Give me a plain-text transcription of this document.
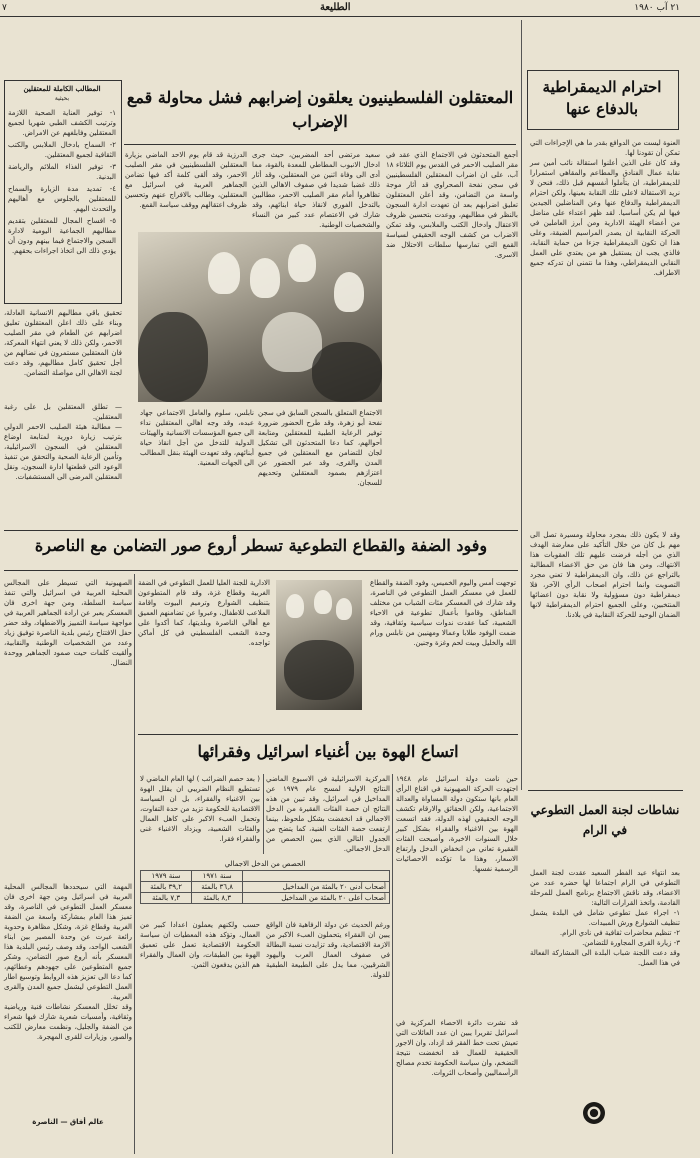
٢١ آب ١٩٨٠
الطليعة
٧
احترام الديمقراطية بالدفاع عنها
العنوة ليست من الدوافع بقدر ما هي الإجراءات التي تمكن أن تقودنا لها.
وقد كان على الذين أعلنوا استقالة نائب أمين سر نقابة عمال الفنادق والمطاعم والمقاهي استمرارا للديمقراطية، ان يتأملوا أنفسهم قبل ذلك، فنحن لا نريد الاستقالة لاعلى تلك النقابة بعينها، ولكن احترام الديمقراطية والدفاع عنها وعن المناضلين الجيدين فيها لم يكن أساسيا. لقد ظهر اعتداء على مناضل من أعضاء الهيئة الادارية ومن أبرز العاملين في الحركة النقابية ان يصدر المراسيم الضيقة، وعلى هذا ان تكون الديمقراطية جزءا من حماية النقابة، فالذي يجب ان يستقيل هو من يعتدي على العمل النقابي الديمقراطي، وهذا ما نتمنى ان تدركه جميع الاطراف.
وقد لا يكون ذلك بمجرد محاولة ومسيرة تصل الى مهم بل كان من خلال التأكيد على معارضة الهدف الذي من أجله فرضت عليهم تلك العقوبات هذا الانتهاك، ومن هنا فان من حق الاعضاء المطالبة بالتراجع عن ذلك، وان الديمقراطية لا تعني مجرد التصويت وانما احترام اصحاب الرأي الآخر، فلا ديمقراطية دون مسؤولية ولا نقابة دون اعضائها المنتخبين، وعلى الجميع احترام الديمقراطية لانها الضمان الوحيد للحركة النقابية في بلادنا.
نشاطات لجنة العمل التطوعي في الرام
بعد انتهاء عيد الفطر السعيد عقدت لجنة العمل التطوعي في الرام اجتماعا لها حضره عدد من الاعضاء، وقد ناقش الاجتماع برنامج العمل للمرحلة القادمة، واتخذ القرارات التالية:
١- اجراء عمل تطوعي شامل في البلدة يشمل تنظيف الشوارع ورش المبيدات.
٢- تنظيم محاضرات ثقافية في نادي الرام.
٣- زيارة القرى المجاورة للتضامن.
وقد دعت اللجنة شباب البلدة الى المشاركة الفعالة في هذا العمل.
المعتقلون الفلسطينيون يعلقون إضرابهم فشل محاولة قمع الإضراب
المطالب الكاملة للمعتقلين
بحيثية
١- توفير العناية الصحية اللازمة وترتيب الكشف الطبي شهريا لجميع المعتقلين وفابلغهم عن الامراض.
٢- السماح بادخال الملابس والكتب الثقافية لجميع المعتقلين.
٣- توفير الغذاء الملائم والرياضة البدنية.
٤- تمديد مدة الزيارة والسماح للمعتقلين بالجلوس مع أهاليهم والتحدث اليهم.
٥- افساح المجال للمعتقلين بتقديم مطالبهم الجماعية اليومية لادارة السجن والاجتماع فيما بينهم ودون أن يؤدي ذلك الى اتخاذ اجراءات بحقهم.
أجمع المتحدثون في الاجتماع الذي عقد في مقر الصليب الاحمر في القدس يوم الثلاثاء ١٨ آب، على ان اضراب المعتقلين الفلسطينيين في سجن نفحة الصحراوي قد أثار موجة واسعة من التضامن، وقد أعلن المعتقلون تعليق اضرابهم بعد ان تعهدت ادارة السجون بالنظر في مطالبهم، ووعدت بتحسين ظروف الاعتقال وادخال الكتب والملابس، وقد تمكن الاضراب من كشف الوجه الحقيقي لسياسة القمع التي تمارسها سلطات الاحتلال ضد الاسرى.
سعيد مرتضى أحد المضربين، حيث جرى ادخال الانبوب المطاطي للمعدة بالقوة، مما أدى الى وفاة اثنين من المعتقلين، وقد أثار ذلك غضبا شديدا في صفوف الاهالي الذين تظاهروا أمام مقر الصليب الاحمر، مطالبين بالتدخل الفوري لانقاذ حياة ابنائهم، وقد شارك في الاعتصام عدد كبير من النساء والشخصيات الوطنية.
الدرزية قد قام يوم الاحد الماضي بزيارة المعتقلين الفلسطينيين في مقر الصليب الاحمر، وقد ألقى كلمة أكد فيها تضامن الجماهير العربية في اسرائيل مع المعتقلين، وطالب بالافراج عنهم وتحسين ظروف اعتقالهم ووقف سياسة القمع.
الاجتماع المتعلق بالسجن السابق في سجن نفحة أبو زهرة، وقد طرح الحضور ضرورة توفير الرعاية الطبية للمعتقلين ومتابعة أحوالهم، كما دعا المتحدثون الى تشكيل لجان للتضامن مع المعتقلين في جميع المدن والقرى، وقد عبر الحضور عن اعتزازهم بصمود المعتقلين وتحديهم للسجان.
نابلس، سلوم والعامل الاجتماعي جهاد عبده، وقد وجه اهالي المعتقلين نداء الى جميع المؤسسات الانسانية والهيئات الدولية للتدخل من أجل انقاذ حياة أبنائهم، وقد تعهدت الهيئة بنقل المطالب الى الجهات المعنية.
تحقيق باقي مطالبهم الانسانية العادلة، وبناء على ذلك اعلن المعتقلون تعليق اضرابهم عن الطعام في مقر الصليب الاحمر، ولكن ذلك لا يعني انتهاء المعركة، فان المعتقلين مستمرون في نضالهم من أجل تحقيق كامل مطالبهم، وقد دعت لجنة الاهالي الى مواصلة التضامن.
— تطلق المعتقلين بل على رغبة المعتقلين.
— مطالبة هيئة الصليب الاحمر الدولي بترتيب زيارة دورية لمتابعة اوضاع المعتقلين في السجون الاسرائيلية، وتأمين الرعاية الصحية والتحقق من تنفيذ الوعود التي قطعتها ادارة السجون، ونقل المعتقلين المرضى الى المستشفيات.
وفود الضفة والقطاع التطوعية تسطر أروع صور التضامن مع الناصرة
توجهت أمس واليوم الخميس، وفود الضفة والقطاع للعمل في معسكر العمل التطوعي في الناصرة، وقد شارك في المعسكر مئات الشباب من مختلف المناطق، وقاموا بأعمال تطوعية في الاحياء الشعبية، كما عقدت ندوات سياسية وثقافية، وقد ضمت الوفود طلابا وعمالا ومهنيين من نابلس ورام الله والخليل وبيت لحم وغزة وجنين.
الادارية للجنة العليا للعمل التطوعي في الضفة الغربية وقطاع غزة، وقد قام المتطوعون بتنظيف الشوارع وترميم البيوت واقامة الملاعب للاطفال، وعبروا عن تضامنهم العميق مع أهالي الناصرة وبلديتها، كما أكدوا على وحدة الشعب الفلسطيني في كل أماكن تواجده.
الصهيونية التي تسيطر على المجالس المحلية العربية في اسرائيل والتي تنفذ سياسة السلطة، ومن جهة اخرى فان المعسكر يعبر عن ارادة الجماهير العربية في مواجهة سياسة التمييز والاضطهاد، وقد حضر حفل الافتتاح رئيس بلدية الناصرة توفيق زياد وعدد من الشخصيات الوطنية والنقابية، وألقيت كلمات حيت صمود الجماهير ووحدة النضال.
اتساع الهوة بين أغنياء اسرائيل وفقرائها
حين نامت دولة اسرائيل عام ١٩٤٨ اجتهدت الحركة الصهيونية في اقناع الرأي العام بانها ستكون دولة المساواة والعدالة الاجتماعية، ولكن الحقائق والارقام تكشف الوجه الحقيقي لهذه الدولة، فقد اتسعت الهوة بين الاغنياء والفقراء بشكل كبير خلال السنوات الاخيرة، وأصبحت الفئات الفقيرة تعاني من انخفاض الدخل وارتفاع الاسعار، وهذا ما تؤكده الاحصائيات الرسمية نفسها.
المركزية الاسرائيلية في الاسبوع الماضي النتائج الاولية لمسح عام ١٩٧٩ عن المداخيل في اسرائيل، وقد تبين من هذه النتائج ان حصة الفئات الفقيرة من الدخل الاجمالي قد انخفضت بشكل ملحوظ، بينما ارتفعت حصة الفئات الغنية، كما يتضح من الجدول التالي الذي يبين الحصص من الدخل الاجمالي.
( بعد حصم الضرائب ) لها العام الماضي لا تستطيع النظام الضريبي ان يقلل الهوة بين الاغنياء والفقراء، بل ان السياسة الاقتصادية للحكومة تزيد من حدة التفاوت، وتحمل العبء الاكبر على كاهل العمال والفئات الشعبية، ويزداد الاغنياء غنى والفقراء فقرا.
الحصص من الدخل الاجمالي
	سنة ١٩٧١	سنة ١٩٧٩
أصحاب أدنى ٢٠ بالمئة من المداخيل	٣٦,٨ بالمئة	٣٩,٢ بالمئة
أصحاب أعلى ٢٠ بالمئة من المداخيل	٨,٣ بالمئة	٧,٣ بالمئة
قد نشرت دائرة الاحصاء المركزية في اسرائيل تقريرا يبين ان عدد العائلات التي تعيش تحت خط الفقر قد ازداد، وان الاجور الحقيقية للعمال قد انخفضت نتيجة التضخم، وان سياسة الحكومة تخدم مصالح الرأسماليين وأصحاب الثروات.
ورغم الحديث عن دولة الرفاهية فان الواقع يبين ان الفقراء يتحملون العبء الاكبر من الازمة الاقتصادية، وقد تزايدت نسبة البطالة في صفوف العمال العرب واليهود الشرقيين، مما يدل على الطبيعة الطبقية للدولة.
حسب ولكنهم يعملون اعدادا كبير من العمال، وتؤكد هذه المعطيات ان سياسة الحكومة الاقتصادية تعمل على تعميق الهوة بين الطبقات، وان العمال والفقراء هم الذين يدفعون الثمن.
المهمة التي سيحددها المجالس المحلية العربية في اسرائيل ومن جهة اخرى فان معسكر العمل التطوعي في الناصرة، وقد تميز هذا العام بمشاركة واسعة من الضفة الغربية وقطاع غزة، وشكل مظاهرة وحدوية رائعة عبرت عن وحدة المصير بين ابناء الشعب الواحد، وقد وصف رئيس البلدية هذا المعسكر بأنه أروع صور التضامن، وشكر جميع المتطوعين على جهودهم وعطائهم، كما دعا الى تعزيز هذه الروابط وتوسيع اطار العمل التطوعي ليشمل جميع المدن والقرى العربية.
وقد تخلل المعسكر نشاطات فنية ورياضية وثقافية، وأمسيات شعرية شارك فيها شعراء من الضفة والجليل، ونظمت معارض للكتب والصور، وزيارات للقرى المهجرة.
عالم أفاق — الناصرة
